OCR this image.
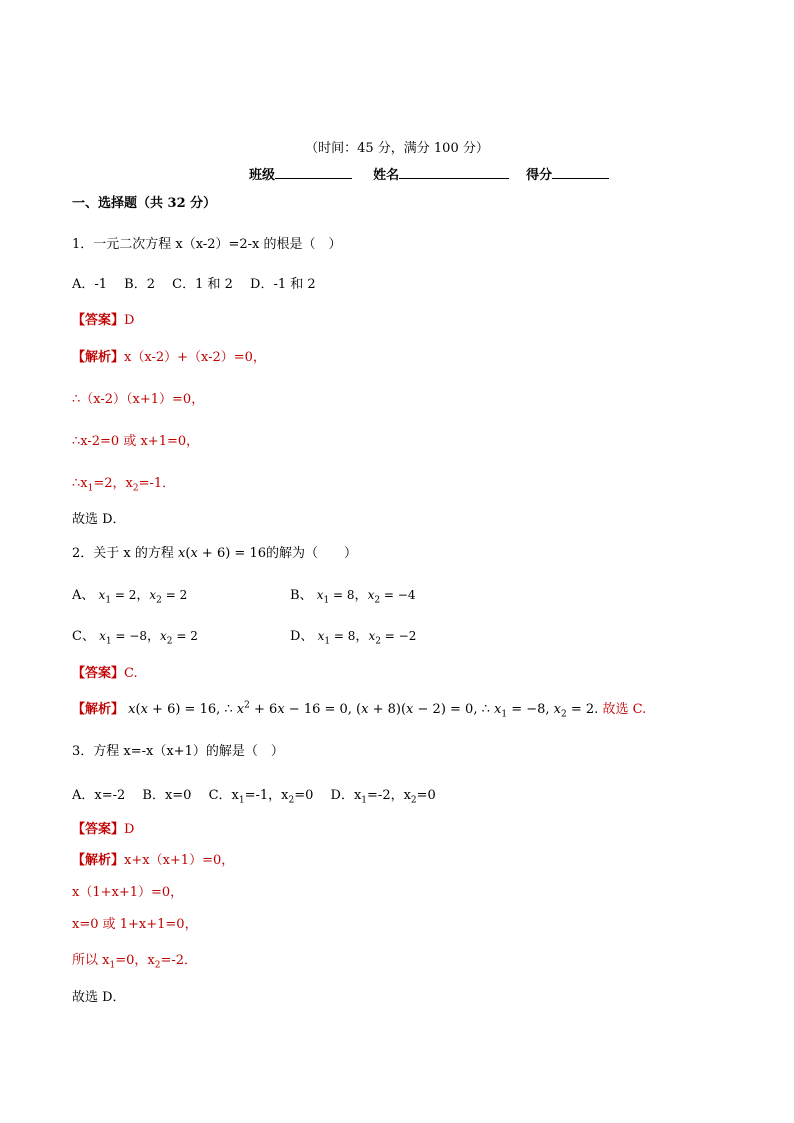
（时间：45 分，满分 100 分）
班级	姓名	得分
一、选择题（共 32 分）
1．一元二次方程 x（x-2）=2-x 的根是（　）
A．-1　 B．2　 C．1 和 2　 D．-1 和 2
【答案】D
【解析】x（x-2）+（x-2）=0，
∴（x-2）（x+1）=0，
∴x-2=0 或 x+1=0，
$\therefore x_1=2$，$x_2=-1$．
故选 D．
2．关于 x 的方程 x(x + 6) = 16的解为（　　）
A、 $x_1 = 2$，$x_2 = 2$	B、 $x_1 = 8$，$x_2 = -4$
C、 $x_1 = -8$，$x_2 = 2$	D、 $x_1 = 8$，$x_2 = -2$
【答案】C.
【解析】 x(x + 6) = 16, ∴ $x^2 + 6x - 16 = 0$, (x + 8)(x − 2) = 0, ∴ $x_1 = -8$, $x_2 = 2$. 故选 C.
3．方程 x=-x（x+1）的解是（　）
A．x=-2　 B．x=0　 C．$x_1=-1$，$x_2=0$　 D．$x_1=-2$，$x_2=0$
【答案】D
【解析】x+x（x+1）=0，
x（1+x+1）=0，
x=0 或 1+x+1=0，
所以 $x_1=0$，$x_2=-2$．
故选 D．
